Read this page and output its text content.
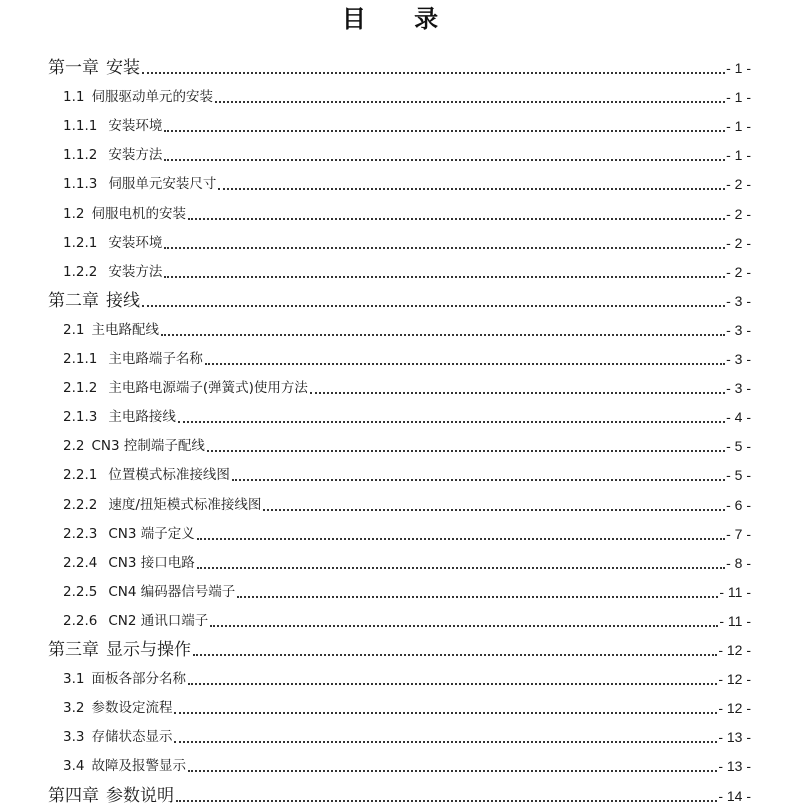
目 录
第一章 安装	- 1 -
1.1 伺服驱动单元的安装	- 1 -
1.1.1 安装环境	- 1 -
1.1.2 安装方法	- 1 -
1.1.3 伺服单元安装尺寸	- 2 -
1.2 伺服电机的安装	- 2 -
1.2.1 安装环境	- 2 -
1.2.2 安装方法	- 2 -
第二章 接线	- 3 -
2.1 主电路配线	- 3 -
2.1.1 主电路端子名称	- 3 -
2.1.2 主电路电源端子(弹簧式)使用方法	- 3 -
2.1.3 主电路接线	- 4 -
2.2 CN3 控制端子配线	- 5 -
2.2.1 位置模式标准接线图	- 5 -
2.2.2 速度/扭矩模式标准接线图	- 6 -
2.2.3 CN3 端子定义	- 7 -
2.2.4 CN3 接口电路	- 8 -
2.2.5 CN4 编码器信号端子	- 11 -
2.2.6 CN2 通讯口端子	- 11 -
第三章 显示与操作	- 12 -
3.1 面板各部分名称	- 12 -
3.2 参数设定流程	- 12 -
3.3 存储状态显示	- 13 -
3.4 故障及报警显示	- 13 -
第四章 参数说明	- 14 -
